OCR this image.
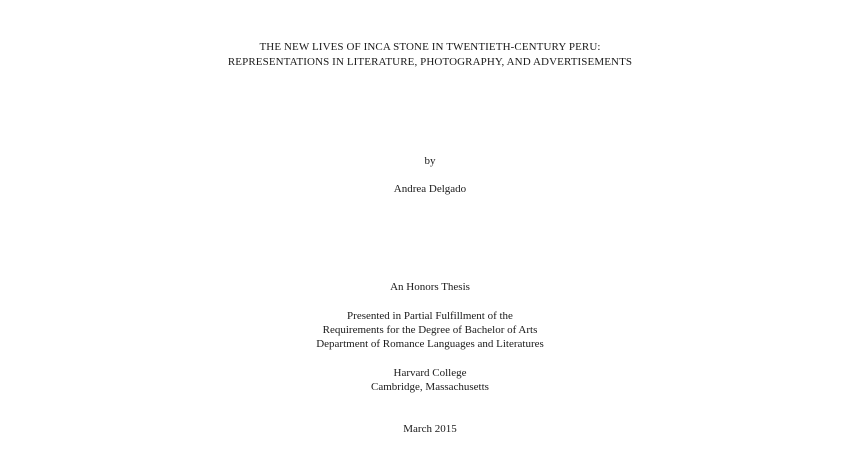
THE NEW LIVES OF INCA STONE IN TWENTIETH-CENTURY PERU:
REPRESENTATIONS IN LITERATURE, PHOTOGRAPHY, AND ADVERTISEMENTS
by
Andrea Delgado
An Honors Thesis
Presented in Partial Fulfillment of the
Requirements for the Degree of Bachelor of Arts
Department of Romance Languages and Literatures
Harvard College
Cambridge, Massachusetts
March 2015
